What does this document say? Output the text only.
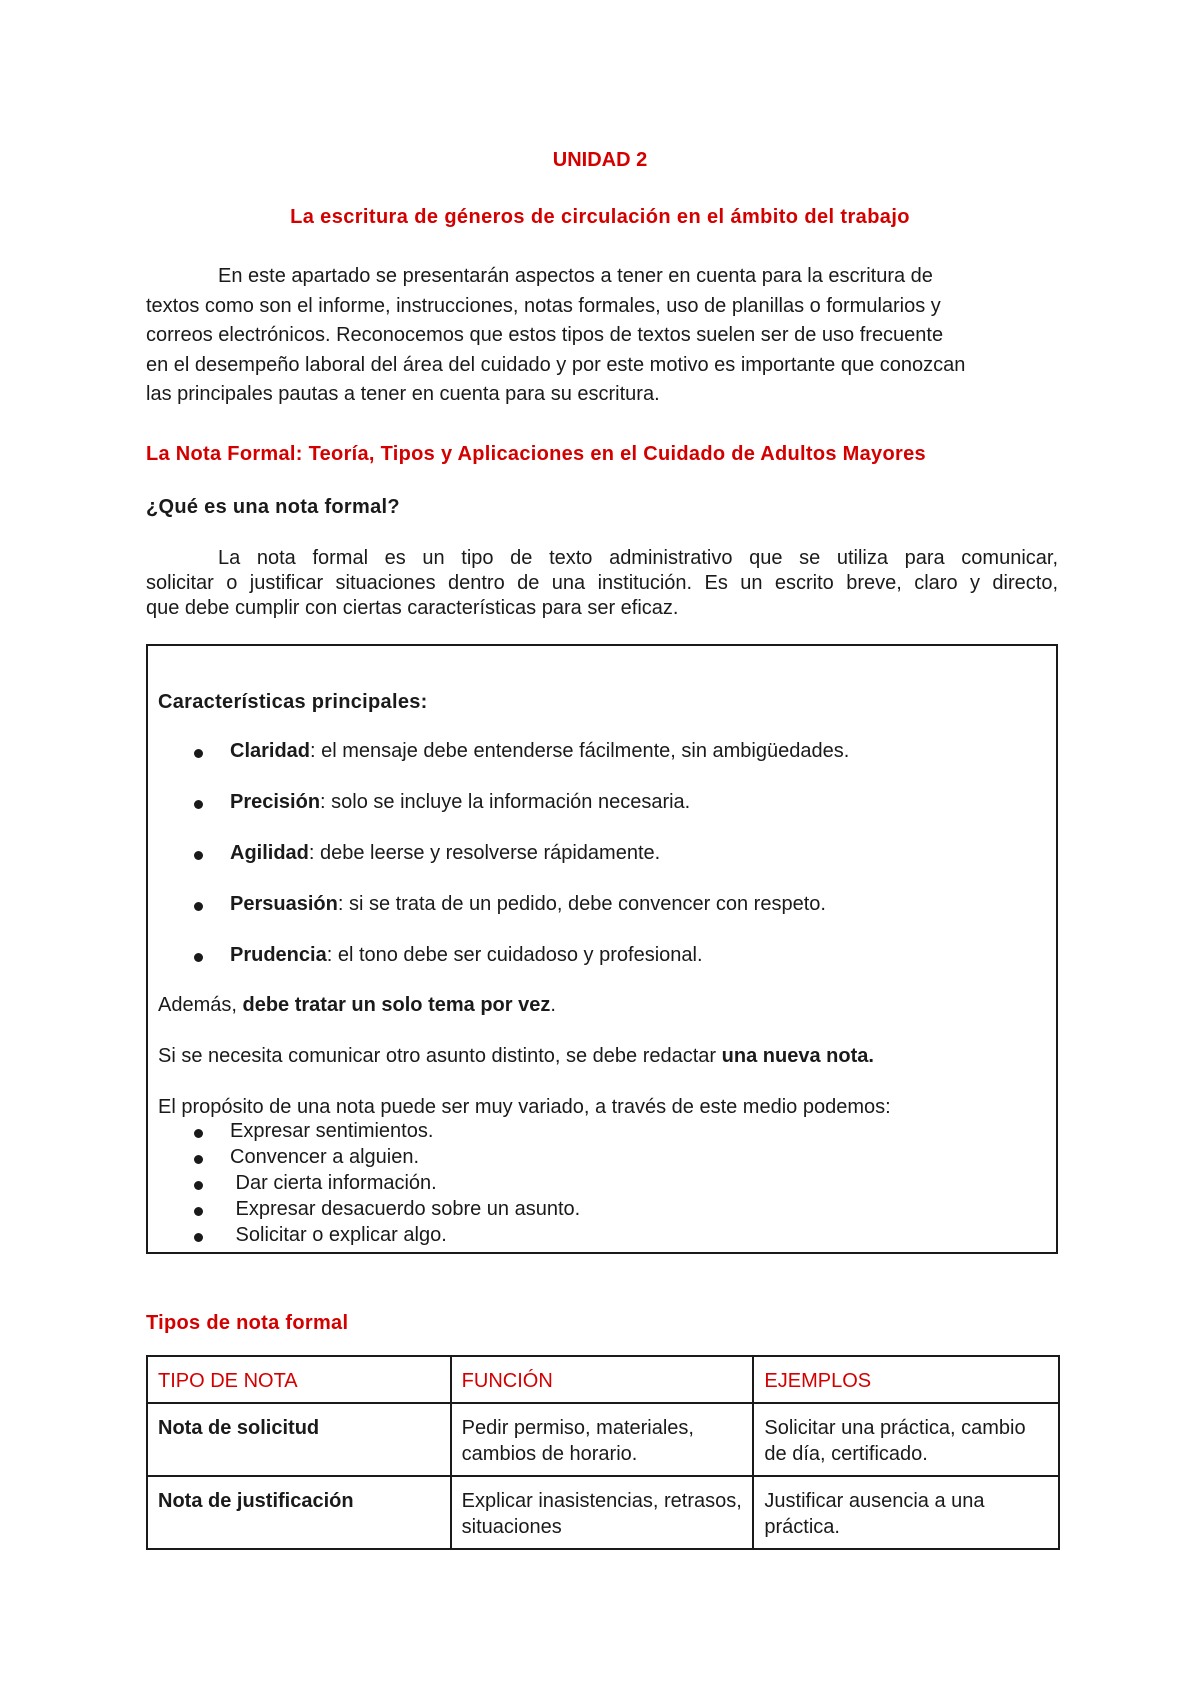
UNIDAD 2
La escritura de géneros de circulación en el ámbito del trabajo
En este apartado se presentarán aspectos a tener en cuenta para la escritura de
textos como son el informe, instrucciones, notas formales, uso de planillas o formularios y
correos electrónicos. Reconocemos que estos tipos de textos suelen ser de uso frecuente
en el desempeño laboral del área del cuidado y por este motivo es importante que conozcan
las principales pautas a tener en cuenta para su escritura.
La Nota Formal: Teoría, Tipos y Aplicaciones en el Cuidado de Adultos Mayores
¿Qué es una nota formal?
La nota formal es un tipo de texto administrativo que se utiliza para comunicar,
solicitar o justificar situaciones dentro de una institución. Es un escrito breve, claro y directo,
que debe cumplir con ciertas características para ser eficaz.
Características principales:
Claridad: el mensaje debe entenderse fácilmente, sin ambigüedades.
Precisión: solo se incluye la información necesaria.
Agilidad: debe leerse y resolverse rápidamente.
Persuasión: si se trata de un pedido, debe convencer con respeto.
Prudencia: el tono debe ser cuidadoso y profesional.
Además, debe tratar un solo tema por vez.
Si se necesita comunicar otro asunto distinto, se debe redactar una nueva nota.
El propósito de una nota puede ser muy variado, a través de este medio podemos:
Expresar sentimientos.
Convencer a alguien.
Dar cierta información.
Expresar desacuerdo sobre un asunto.
Solicitar o explicar algo.
Tipos de nota formal
TIPO DE NOTA	FUNCIÓN	EJEMPLOS
Nota de solicitud	Pedir permiso, materiales, cambios de horario.	Solicitar una práctica, cambio de día, certificado.
Nota de justificación	Explicar inasistencias, retrasos, situaciones	Justificar ausencia a una práctica.
